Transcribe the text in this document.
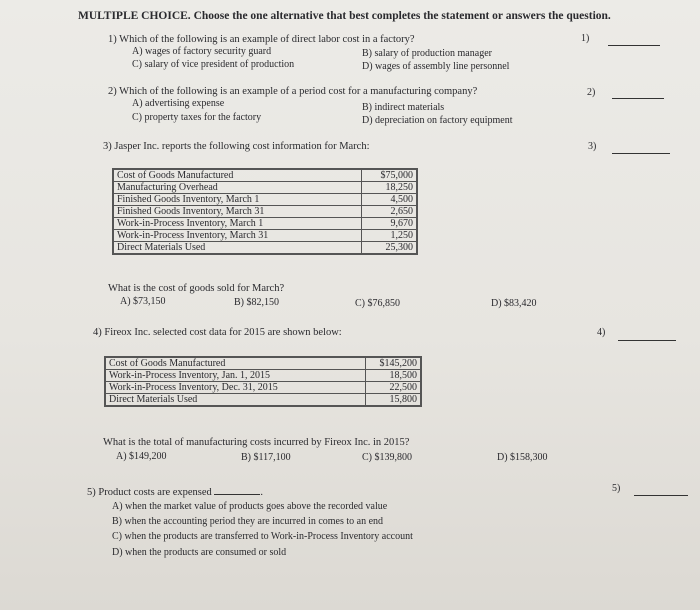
MULTIPLE CHOICE. Choose the one alternative that best completes the statement or answers the question.
1) Which of the following is an example of direct labor cost in a factory?
A) wages of factory security guard	B) salary of production manager
C) salary of vice president of production	D) wages of assembly line personnel
1)
2) Which of the following is an example of a period cost for a manufacturing company?
A) advertising expense	B) indirect materials
C) property taxes for the factory	D) depreciation on factory equipment
2)
3) Jasper Inc. reports the following cost information for March:	3)
Cost of Goods Manufactured	$75,000
Manufacturing Overhead	18,250
Finished Goods Inventory, March 1	4,500
Finished Goods Inventory, March 31	2,650
Work-in-Process Inventory, March 1	9,670
Work-in-Process Inventory, March 31	1,250
Direct Materials Used	25,300
What is the cost of goods sold for March?
A) $73,150	B) $82,150	C) $76,850	D) $83,420
4) Fireox Inc. selected cost data for 2015 are shown below:	4)
Cost of Goods Manufactured	$145,200
Work-in-Process Inventory, Jan. 1, 2015	18,500
Work-in-Process Inventory, Dec. 31, 2015	22,500
Direct Materials Used	15,800
What is the total of manufacturing costs incurred by Fireox Inc. in 2015?
A) $149,200	B) $117,100	C) $139,800	D) $158,300
5) Product costs are expensed	.	5)
A) when the market value of products goes above the recorded value
B) when the accounting period they are incurred in comes to an end
C) when the products are transferred to Work-in-Process Inventory account
D) when the products are consumed or sold
